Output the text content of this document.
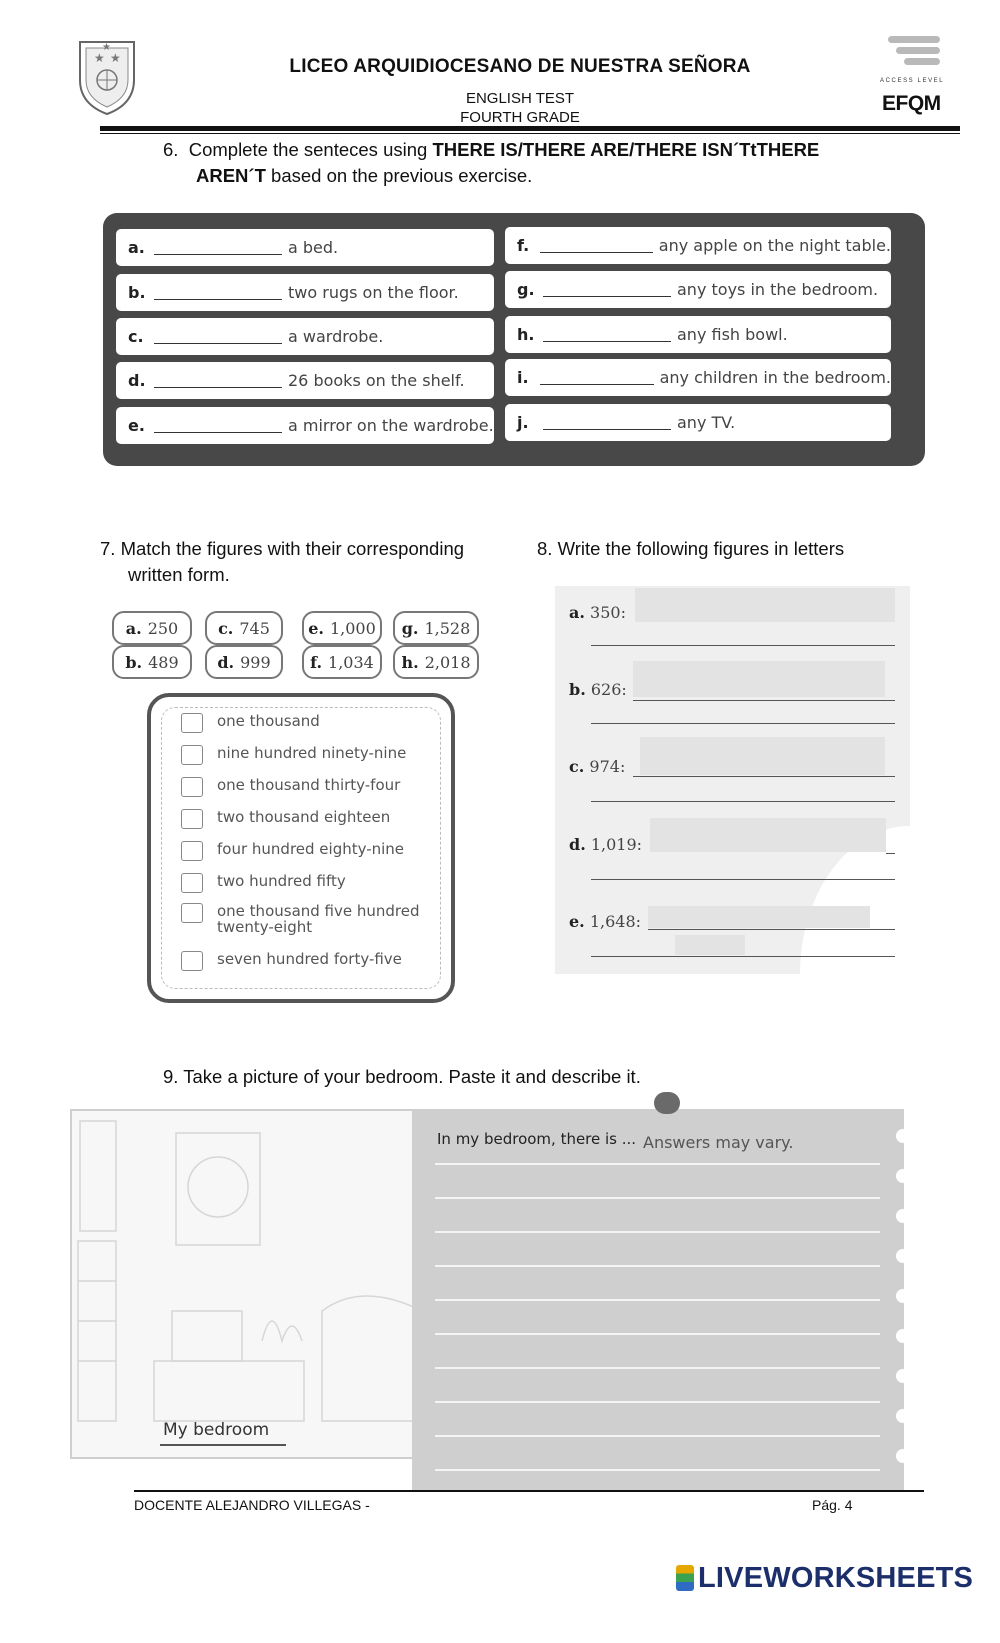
★ ★
★
LICEO ARQUIDIOCESANO DE NUESTRA SEÑORA
ENGLISH TEST
FOURTH GRADE
ACCESS LEVEL
EFQM
6. Complete the senteces using THERE IS/THERE ARE/THERE ISN´TtTHERE
AREN´T based on the previous exercise.
a.	a bed.
b.	two rugs on the floor.
c.	a wardrobe.
d.	26 books on the shelf.
e.	a mirror on the wardrobe.
f.	any apple on the night table.
g.	any toys in the bedroom.
h.	any fish bowl.
i.	any children in the bedroom.
j.	any TV.
7. Match the figures with their corresponding
written form.
a. 250 c. 745 e. 1,000 g. 1,528
b. 489 d. 999 f. 1,034 h. 2,018
one thousand
nine hundred ninety-nine
one thousand thirty-four
two thousand eighteen
four hundred eighty-nine
two hundred fifty
one thousand five hundred
twenty-eight
seven hundred forty-five
8. Write the following figures in letters
a. 350:
b. 626:
c. 974:
d. 1,019:
e. 1,648:
9. Take a picture of your bedroom. Paste it and describe it.
My bedroom
In my bedroom, there is ... Answers may vary.
DOCENTE ALEJANDRO VILLEGAS -	Pág. 4
LIVEWORKSHEETS
